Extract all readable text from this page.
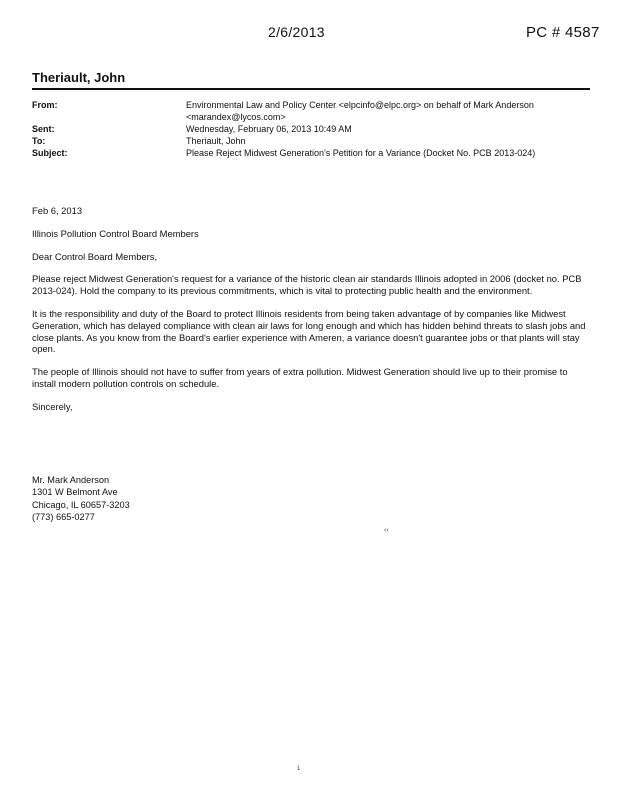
2/6/2013	PC # 4587
Theriault, John
From:	Environmental Law and Policy Center <elpcinfo@elpc.org> on behalf of Mark Anderson
<marandex@lycos.com>
Sent:	Wednesday, February 06, 2013 10:49 AM
To:	Theriault, John
Subject:	Please Reject Midwest Generation's Petition for a Variance (Docket No. PCB 2013-024)

Feb 6, 2013

Illinois Pollution Control Board Members

Dear Control Board Members,

Please reject Midwest Generation's request for a variance of the historic clean air standards Illinois adopted in 2006 (docket no. PCB 2013-024). Hold the company to its previous commitments, which is vital to protecting public health and the environment.

It is the responsibility and duty of the Board to protect Illinois residents from being taken advantage of by companies like Midwest Generation, which has delayed compliance with clean air laws for long enough and which has hidden behind threats to slash jobs and close plants. As you know from the Board's earlier experience with Ameren, a variance doesn't guarantee jobs or that plants will stay open.

The people of Illinois should not have to suffer from years of extra pollution. Midwest Generation should live up to their promise to install modern pollution controls on schedule.

Sincerely,

Mr. Mark Anderson
1301 W Belmont Ave
Chicago, IL 60657-3203
(773) 665-0277
‹‹
1
